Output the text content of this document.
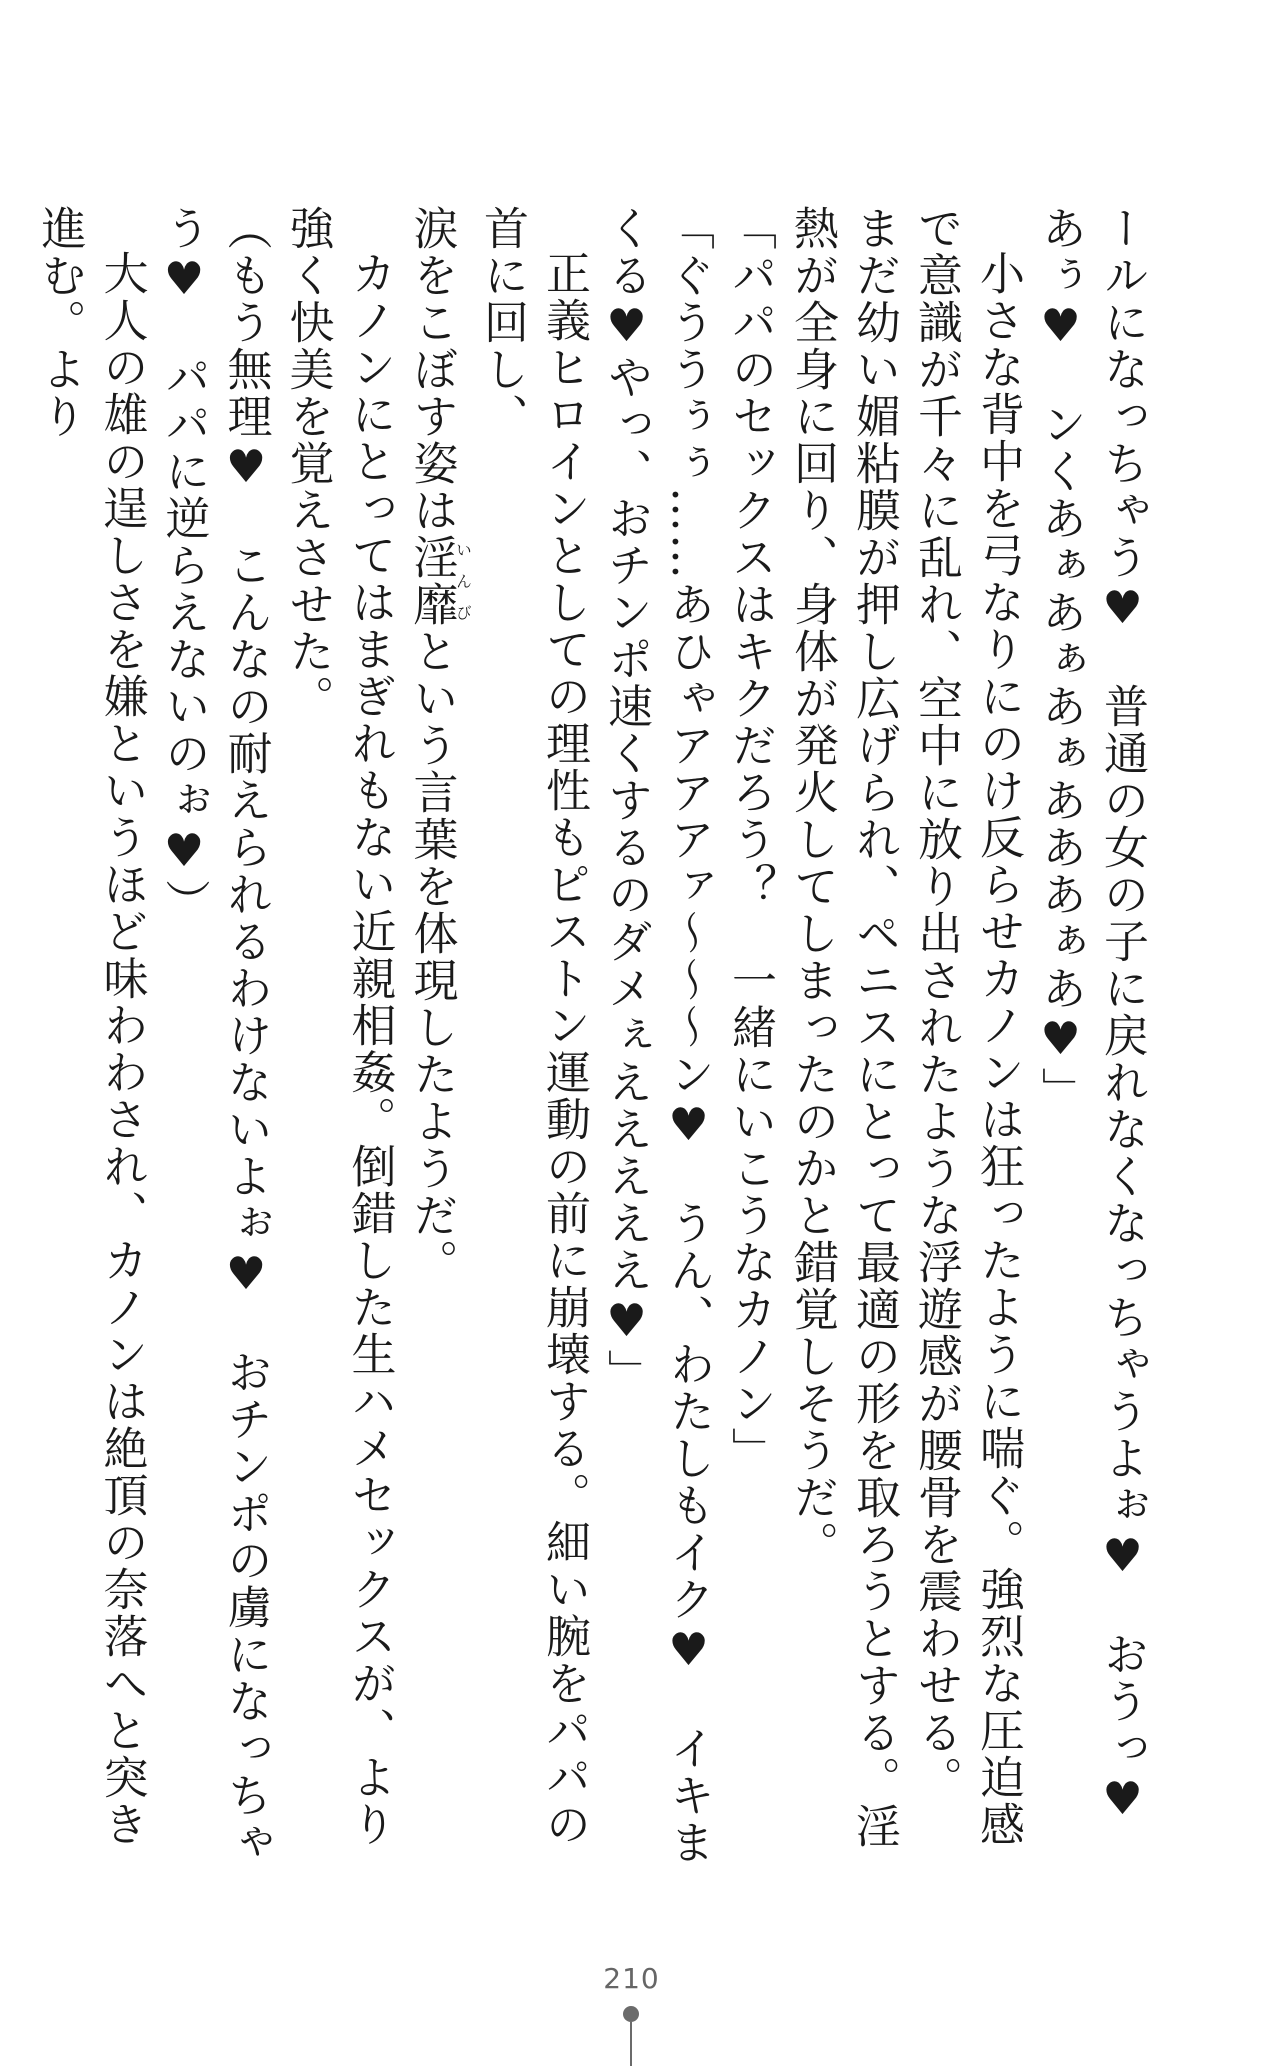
ールになっちゃう♥　普通の女の子に戻れなくなっちゃうよぉ♥　おうっ♥　あぅ♥　ンくあぁあぁあぁあああぁあ♥」

小さな背中を弓なりにのけ反らせカノンは狂ったように喘ぐ。強烈な圧迫感で意識が千々に乱れ、空中に放り出されたような浮遊感が腰骨を震わせる。

まだ幼い媚粘膜が押し広げられ、ペニスにとって最適の形を取ろうとする。淫熱が全身に回り、身体が発火してしまったのかと錯覚しそうだ。

「パパのセックスはキクだろう？　一緒にいこうなカノン」

「ぐううぅぅ……あひゃアアアァ〜〜〜ン♥　うん、わたしもイク♥　イキまくる♥やっ、おチンポ速くするのダメぇえええええ♥」

正義ヒロインとしての理性もピストン運動の前に崩壊する。細い腕をパパの首に回し、

涙をこぼす姿は淫靡いんびという言葉を体現したようだ。

カノンにとってはまぎれもない近親相姦。倒錯した生ハメセックスが、より強く快美を覚えさせた。

（もう無理♥　こんなの耐えられるわけないよぉ♥　おチンポの虜になっちゃう♥　パパに逆らえないのぉ♥）

大人の雄の逞しさを嫌というほど味わわされ、カノンは絶頂の奈落へと突き進む。より

210
